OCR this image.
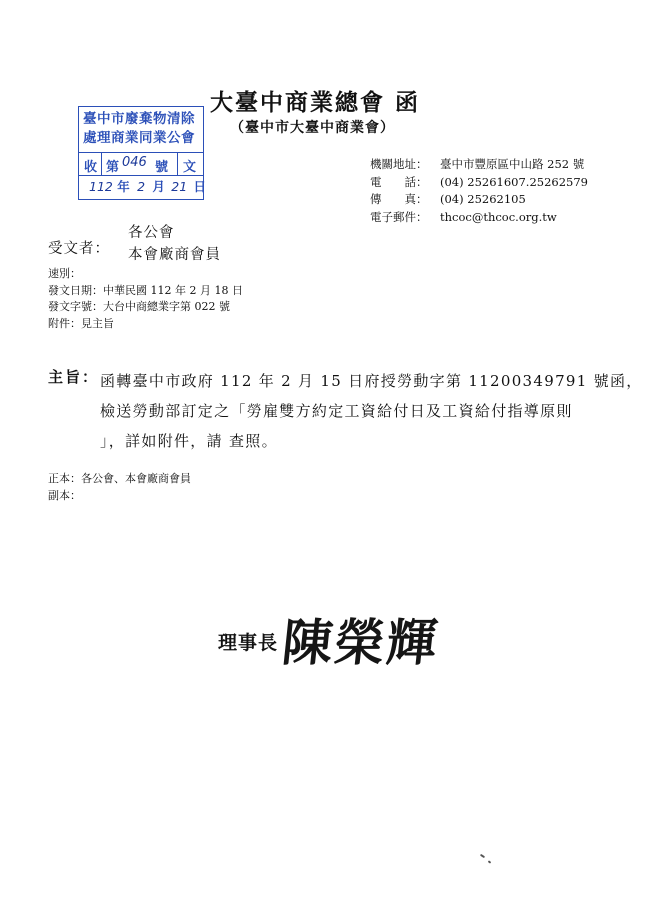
大臺中商業總會 函
（臺中市大臺中商業會）
臺中市廢棄物清除
處理商業同業公會
收 第 046 號 文
112 年 2 月 21 日
機關地址：	臺中市豐原區中山路 252 號
電　　話：	(04) 25261607.25262579
傳　　真：	(04) 25262105
電子郵件：	thcoc@thcoc.org.tw
受文者：
各公會
本會廠商會員
速別：
發文日期：中華民國 112 年 2 月 18 日
發文字號：大台中商總業字第 022 號
附件：見主旨
主旨： 函轉臺中市政府 112 年 2 月 15 日府授勞動字第 11200349791 號函，
檢送勞動部訂定之「勞雇雙方約定工資給付日及工資給付指導原則
」，詳如附件，請 查照。
正本：各公會、本會廠商會員
副本：
理事長 陳榮輝
